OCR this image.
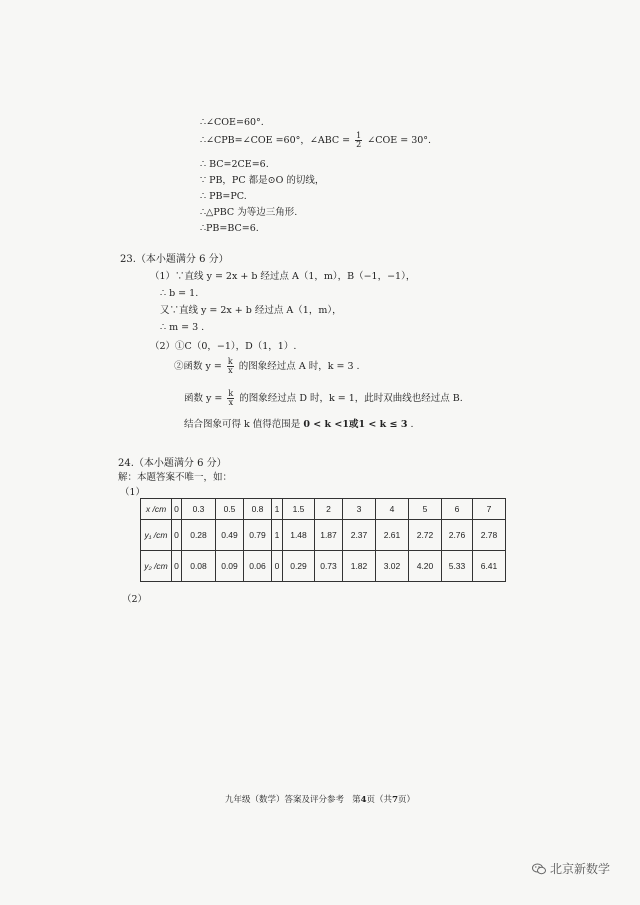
∴∠COE=60°.
∴∠CPB=∠COE =60°，∠ABC = $\frac{1}{2}$ ∠COE = 30°.
∴ BC=2CE=6.
∵ PB，PC 都是⊙O 的切线，
∴ PB=PC.
∴△PBC 为等边三角形.
∴PB=BC=6.
23.（本小题满分 6 分）
（1）∵直线 y = 2x + b 经过点 A（1，m），B（−1，−1），
∴ b = 1.
又∵直线 y = 2x + b 经过点 A（1，m），
∴ m = 3 .
（2）①C（0，−1），D（1，1）.
②函数 $y = \frac{k}{x}$ 的图象经过点 A 时，k = 3 .
函数 $y = \frac{k}{x}$ 的图象经过点 D 时，k = 1，此时双曲线也经过点 B.
结合图象可得 k 值得范围是 0 < k <1或1 < k ≤ 3 .
24.（本小题满分 6 分）
解：本题答案不唯一，如：
（1）
x /cm	0	0.3	0.5	0.8	1	1.5	2	3	4	5	6	7
y₁ /cm	0	0.28	0.49	0.79	1	1.48	1.87	2.37	2.61	2.72	2.76	2.78
y₂ /cm	0	0.08	0.09	0.06	0	0.29	0.73	1.82	3.02	4.20	5.33	6.41
（2）
九年级（数学）答案及评分参考 第4页（共7页）
北京新数学
